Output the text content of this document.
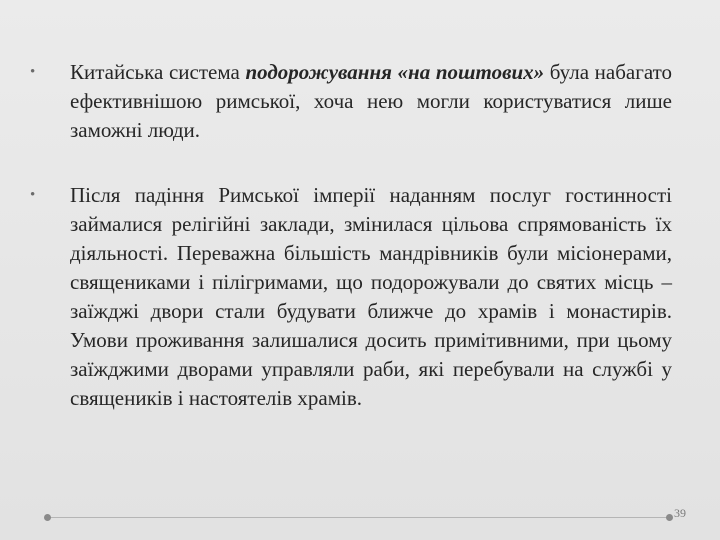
•	Китайська система подорожування «на поштових» була набагато ефективнішою римської, хоча нею могли користуватися лише заможні люди.
•	Після падіння Римської імперії наданням послуг гостинності займалися релігійні заклади, змінилася цільова спрямованість їх діяльності. Переважна більшість мандрівників були місіонерами, священиками і пілігримами, що подорожували до святих місць – заїжджі двори стали будувати ближче до храмів і монастирів. Умови проживання залишалися досить примітивними, при цьому заїжджими дворами управляли раби, які перебували на службі у священиків і настоятелів храмів.
39
